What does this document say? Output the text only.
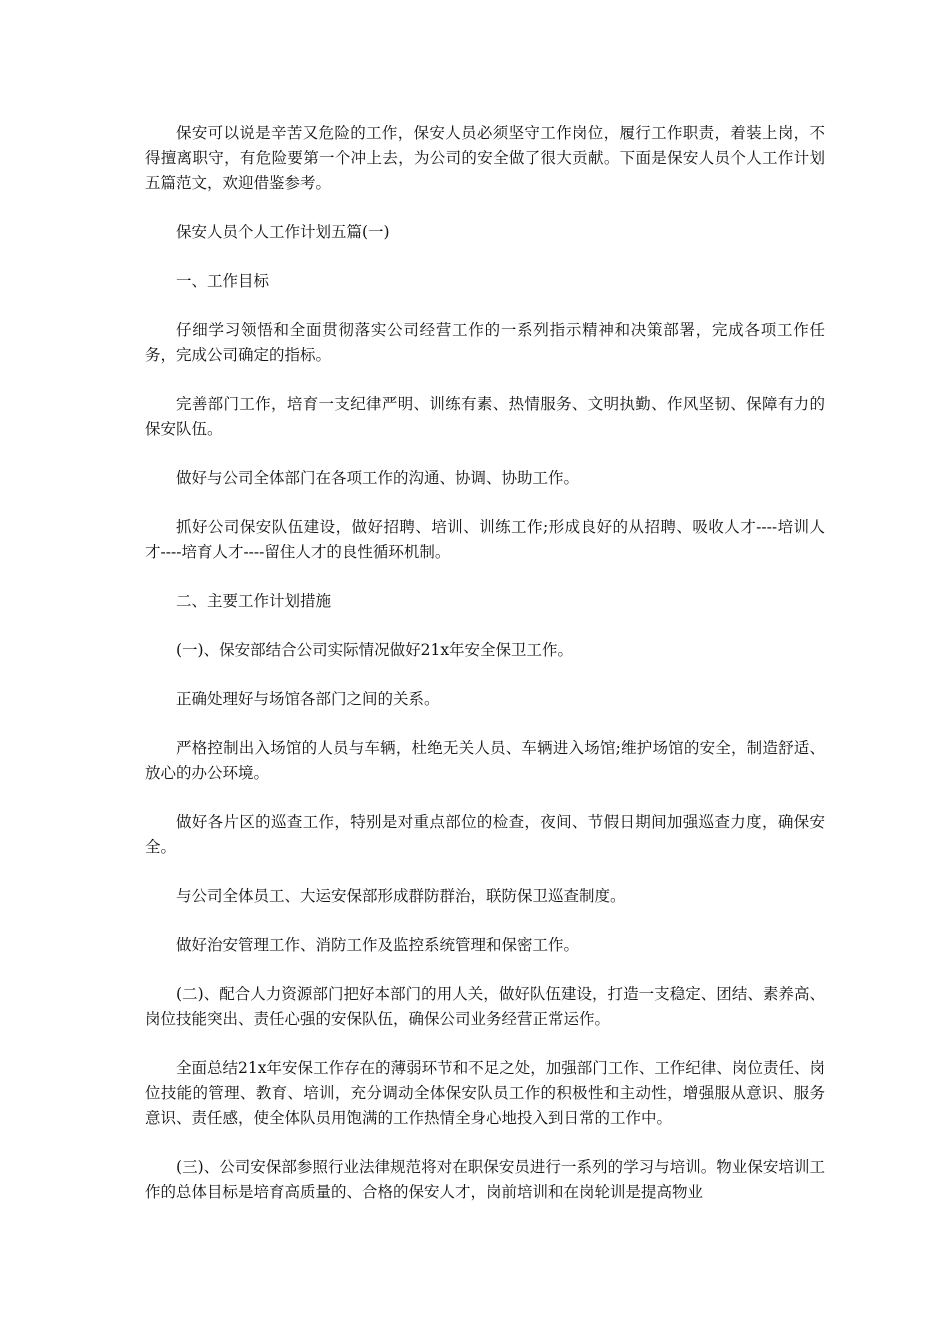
保安可以说是辛苦又危险的工作，保安人员必须坚守工作岗位，履行工作职责，着装上岗，不得擅离职守，有危险要第一个冲上去，为公司的安全做了很大贡献。下面是保安人员个人工作计划五篇范文，欢迎借鉴参考。

保安人员个人工作计划五篇(一)

一、工作目标

仔细学习领悟和全面贯彻落实公司经营工作的一系列指示精神和决策部署，完成各项工作任务，完成公司确定的指标。

完善部门工作，培育一支纪律严明、训练有素、热情服务、文明执勤、作风坚韧、保障有力的保安队伍。

做好与公司全体部门在各项工作的沟通、协调、协助工作。

抓好公司保安队伍建设，做好招聘、培训、训练工作;形成良好的从招聘、吸收人才----培训人才----培育人才----留住人才的良性循环机制。

二、主要工作计划措施

(一)、保安部结合公司实际情况做好21x年安全保卫工作。

正确处理好与场馆各部门之间的关系。

严格控制出入场馆的人员与车辆，杜绝无关人员、车辆进入场馆;维护场馆的安全，制造舒适、放心的办公环境。

做好各片区的巡查工作，特别是对重点部位的检查，夜间、节假日期间加强巡查力度，确保安全。

与公司全体员工、大运安保部形成群防群治，联防保卫巡查制度。

做好治安管理工作、消防工作及监控系统管理和保密工作。

(二)、配合人力资源部门把好本部门的用人关，做好队伍建设，打造一支稳定、团结、素养高、岗位技能突出、责任心强的安保队伍，确保公司业务经营正常运作。

全面总结21x年安保工作存在的薄弱环节和不足之处，加强部门工作、工作纪律、岗位责任、岗位技能的管理、教育、培训，充分调动全体保安队员工作的积极性和主动性，增强服从意识、服务意识、责任感，使全体队员用饱满的工作热情全身心地投入到日常的工作中。

(三)、公司安保部参照行业法律规范将对在职保安员进行一系列的学习与培训。物业保安培训工作的总体目标是培育高质量的、合格的保安人才，岗前培训和在岗轮训是提高物业
